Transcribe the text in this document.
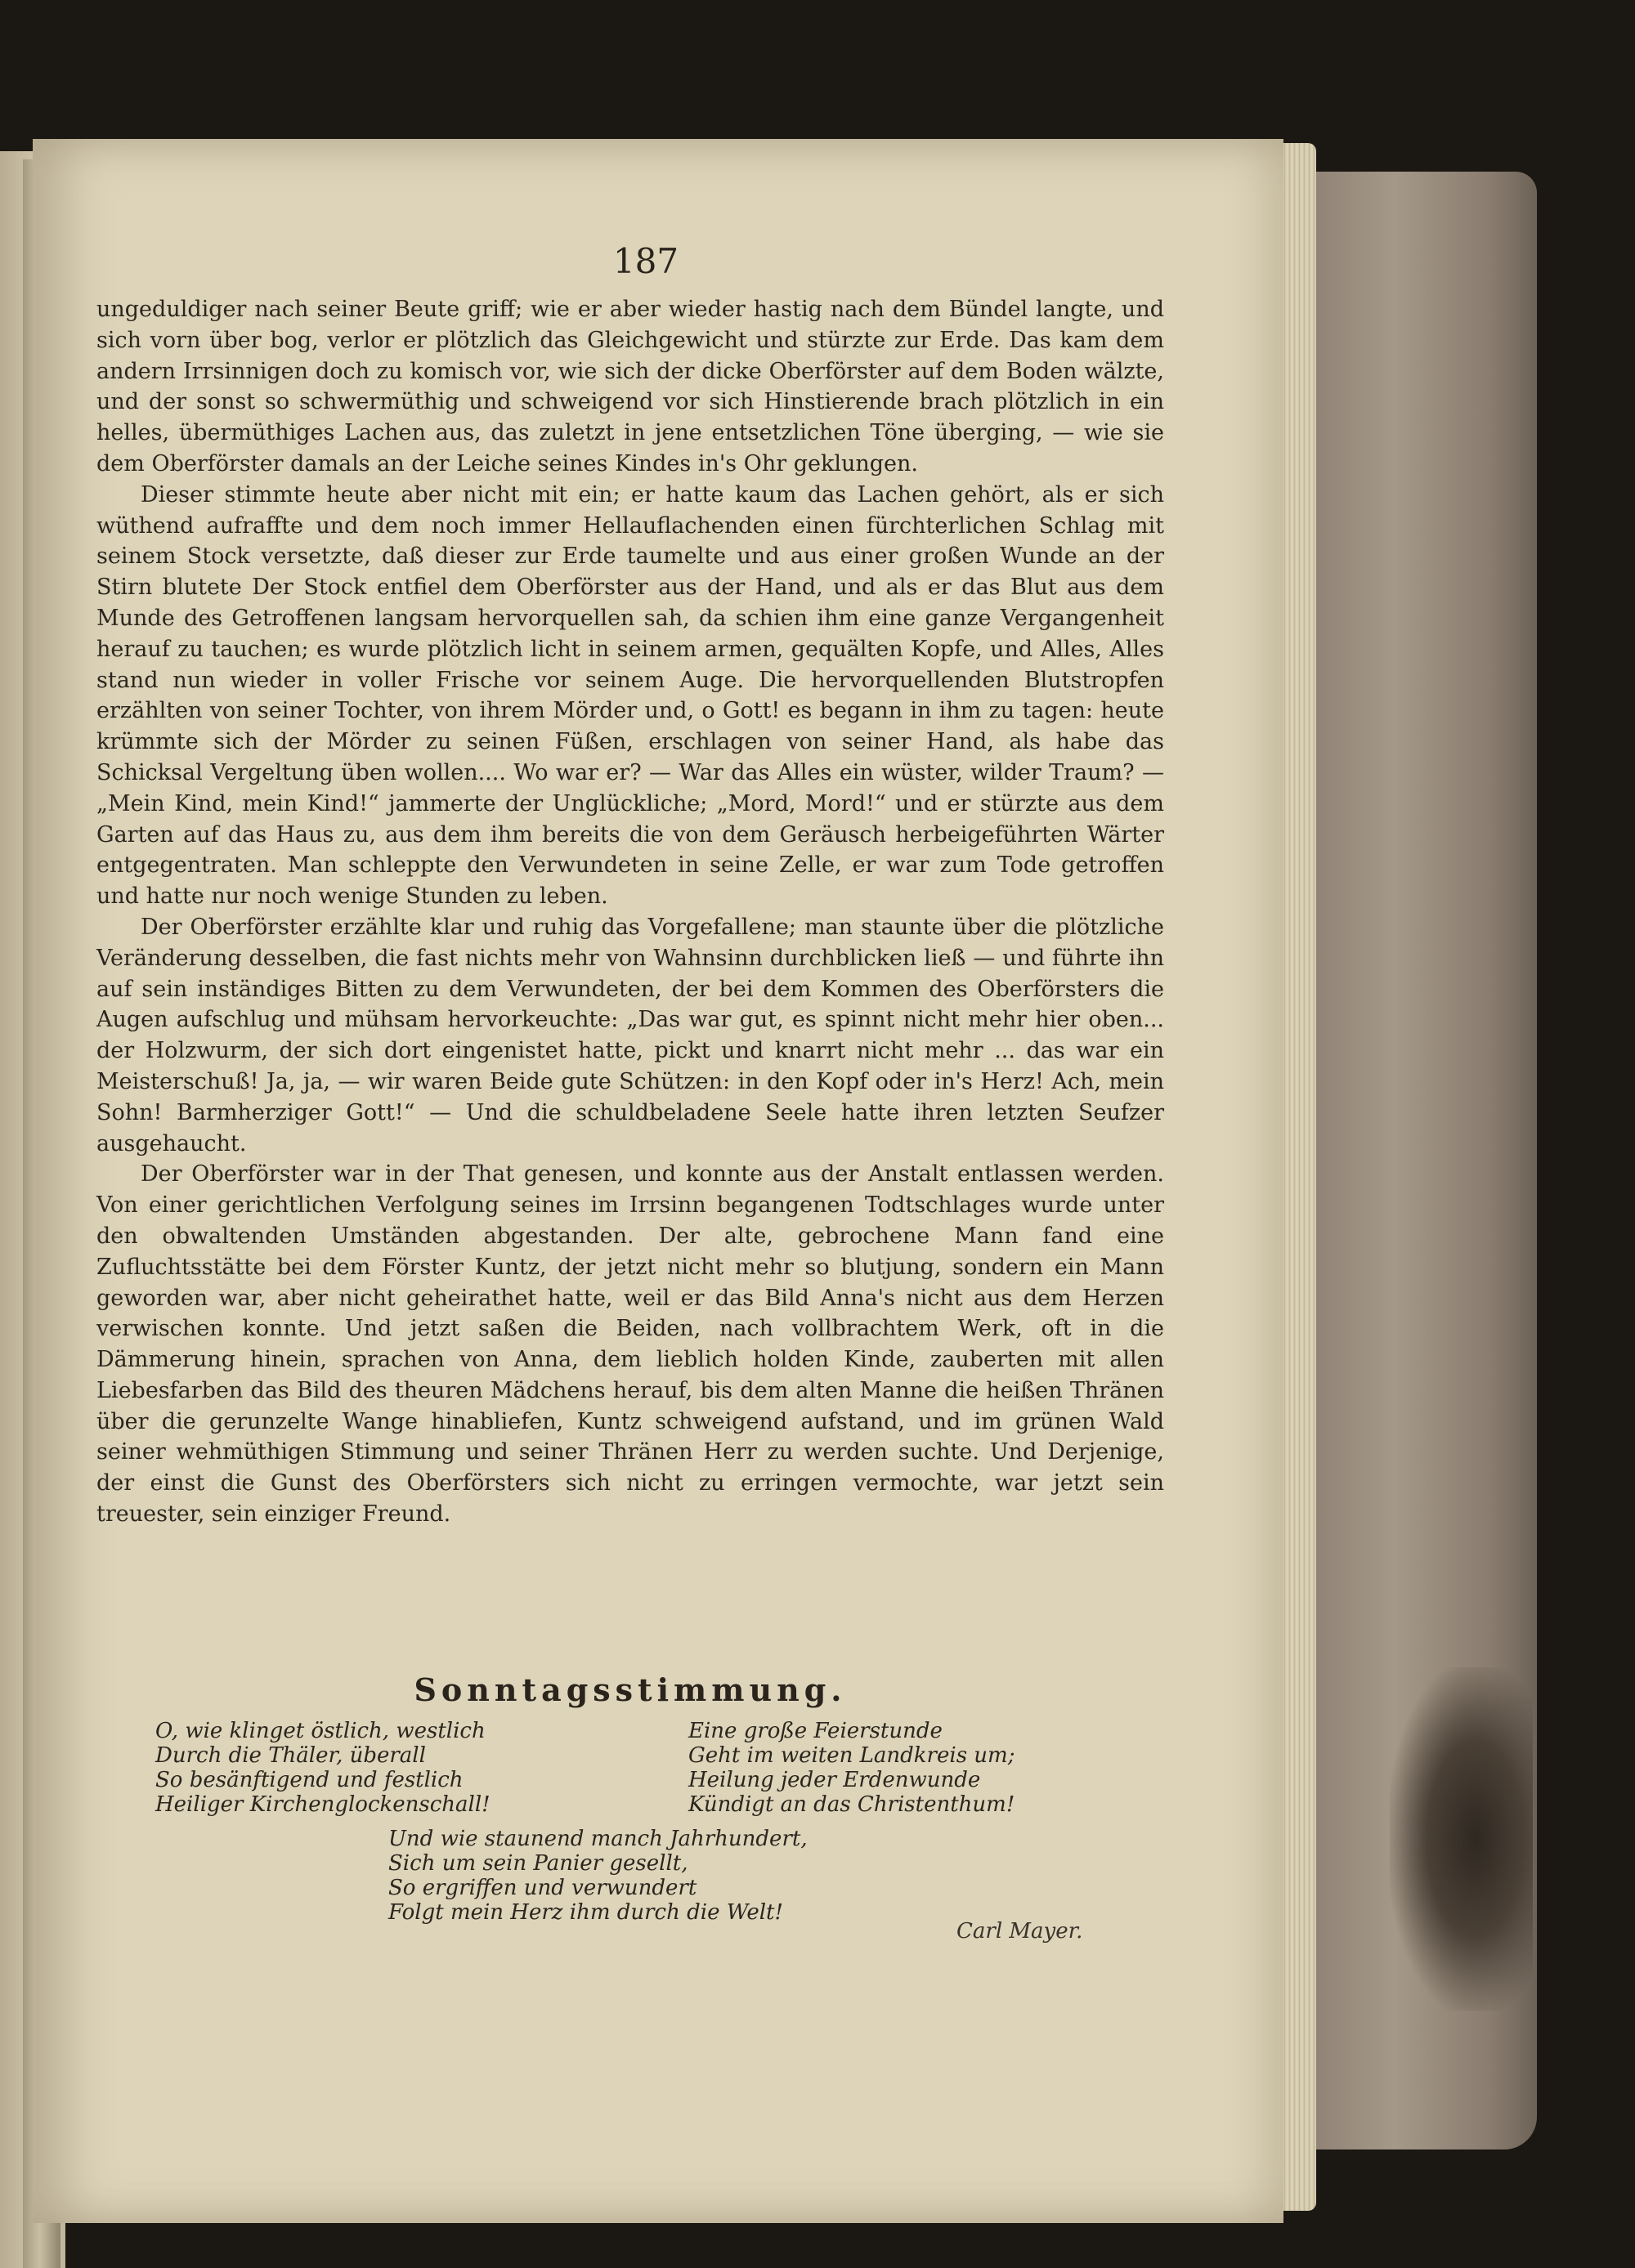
187

ungeduldiger nach seiner Beute griff; wie er aber wieder hastig nach dem Bündel langte, und sich vorn über bog, verlor er plötzlich das Gleichgewicht und stürzte zur Erde. Das kam dem andern Irrsinnigen doch zu komisch vor, wie sich der dicke Oberförster auf dem Boden wälzte, und der sonst so schwermüthig und schweigend vor sich Hinstierende brach plötzlich in ein helles, übermüthiges Lachen aus, das zuletzt in jene entsetzlichen Töne überging, — wie sie dem Oberförster damals an der Leiche seines Kindes in's Ohr geklungen.

Dieser stimmte heute aber nicht mit ein; er hatte kaum das Lachen gehört, als er sich wüthend aufraffte und dem noch immer Hellauflachenden einen fürchterlichen Schlag mit seinem Stock versetzte, daß dieser zur Erde taumelte und aus einer großen Wunde an der Stirn blutete Der Stock entfiel dem Oberförster aus der Hand, und als er das Blut aus dem Munde des Getroffenen langsam hervorquellen sah, da schien ihm eine ganze Vergangenheit herauf zu tauchen; es wurde plötzlich licht in seinem armen, gequälten Kopfe, und Alles, Alles stand nun wieder in voller Frische vor seinem Auge. Die hervorquellenden Blutstropfen erzählten von seiner Tochter, von ihrem Mörder und, o Gott! es begann in ihm zu tagen: heute krümmte sich der Mörder zu seinen Füßen, erschlagen von seiner Hand, als habe das Schicksal Vergeltung üben wollen.... Wo war er? — War das Alles ein wüster, wilder Traum? — „Mein Kind, mein Kind!“ jammerte der Unglückliche; „Mord, Mord!“ und er stürzte aus dem Garten auf das Haus zu, aus dem ihm bereits die von dem Geräusch herbeigeführten Wärter entgegentraten. Man schleppte den Verwundeten in seine Zelle, er war zum Tode getroffen und hatte nur noch wenige Stunden zu leben.

Der Oberförster erzählte klar und ruhig das Vorgefallene; man staunte über die plötzliche Veränderung desselben, die fast nichts mehr von Wahnsinn durchblicken ließ — und führte ihn auf sein inständiges Bitten zu dem Verwundeten, der bei dem Kommen des Oberförsters die Augen aufschlug und mühsam hervorkeuchte: „Das war gut, es spinnt nicht mehr hier oben... der Holzwurm, der sich dort eingenistet hatte, pickt und knarrt nicht mehr ... das war ein Meisterschuß! Ja, ja, — wir waren Beide gute Schützen: in den Kopf oder in's Herz! Ach, mein Sohn! Barmherziger Gott!“ — Und die schuldbeladene Seele hatte ihren letzten Seufzer ausgehaucht.

Der Oberförster war in der That genesen, und konnte aus der Anstalt entlassen werden. Von einer gerichtlichen Verfolgung seines im Irrsinn begangenen Todtschlages wurde unter den obwaltenden Umständen abgestanden. Der alte, gebrochene Mann fand eine Zufluchtsstätte bei dem Förster Kuntz, der jetzt nicht mehr so blutjung, sondern ein Mann geworden war, aber nicht geheirathet hatte, weil er das Bild Anna's nicht aus dem Herzen verwischen konnte. Und jetzt saßen die Beiden, nach vollbrachtem Werk, oft in die Dämmerung hinein, sprachen von Anna, dem lieblich holden Kinde, zauberten mit allen Liebesfarben das Bild des theuren Mädchens herauf, bis dem alten Manne die heißen Thränen über die gerunzelte Wange hinabliefen, Kuntz schweigend aufstand, und im grünen Wald seiner wehmüthigen Stimmung und seiner Thränen Herr zu werden suchte. Und Derjenige, der einst die Gunst des Oberförsters sich nicht zu erringen vermochte, war jetzt sein treuester, sein einziger Freund.

Sonntagsstimmung.
O, wie klinget östlich, westlich
Durch die Thäler, überall
So besänftigend und festlich
Heiliger Kirchenglockenschall!
Eine große Feierstunde
Geht im weiten Landkreis um;
Heilung jeder Erdenwunde
Kündigt an das Christenthum!
Und wie staunend manch Jahrhundert,
Sich um sein Panier gesellt,
So ergriffen und verwundert
Folgt mein Herz ihm durch die Welt!
Carl Mayer.
